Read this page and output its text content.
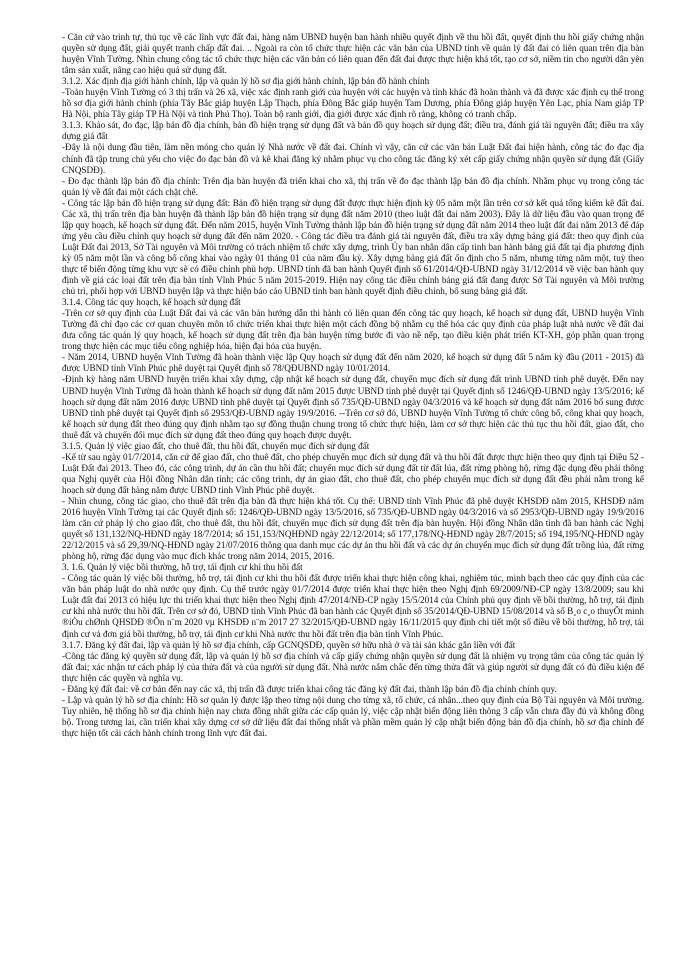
- Căn cứ vào trình tự, thủ tục về các lĩnh vực đất đai, hàng năm UBND huyện ban hành nhiều quyết định về thu hồi đất, quyết định thu hồi giấy chứng nhận quyền sử dụng đất, giải quyết tranh chấp đất đai. .. Ngoài ra còn tổ chức thực hiện các văn bản của UBND tỉnh về quản lý đất đai có liên quan trên địa bàn huyện Vĩnh Tường. Nhìn chung công tác tổ chức thực hiện các văn bản có liên quan đến đất đai được thực hiện khá tốt, tạo cơ sở, niềm tin cho người dân yên tâm sản xuất, nâng cao hiệu quả sử dụng đất.

3.1.2. Xác định địa giới hành chính, lập và quản lý hồ sơ địa giới hành chính, lập bản đồ hành chính

-Toàn huyện Vĩnh Tường có 3 thị trấn và 26 xã, việc xác định ranh giới của huyện với các huyện và tỉnh khác đã hoàn thành và đã được xác định cụ thể trong hồ sơ địa giới hành chính (phía Tây Bắc giáp huyện Lập Thạch, phía Đông Bắc giáp huyện Tam Dương, phía Đông giáp huyện Yên Lạc, phía Nam giáp TP Hà Nội, phía Tây giáp TP Hà Nội và tỉnh Phú Thọ). Toàn bộ ranh giới, địa giới được xác định rõ ràng, không có tranh chấp.

3.1.3. Khảo sát, đo đạc, lập bản đồ địa chính, bản đồ hiện trạng sử dụng đất và bản đồ quy hoạch sử dụng đất; điều tra, đánh giá tài nguyên đất; điều tra xây dựng giá đất

-Đây là nội dung đầu tiên, làm nền móng cho quản lý Nhà nước về đất đai. Chính vì vậy, căn cứ các văn bản Luật Đất đai hiện hành, công tác đo đạc địa chính đã tập trung chủ yếu cho việc đo đạc bản đồ và kê khai đăng ký nhằm phục vụ cho công tác đăng ký xét cấp giấy chứng nhận quyền sử dụng đất (Giấy CNQSDĐ).

- Đo đạc thành lập bản đồ địa chính: Trên địa bàn huyện đã triển khai cho xã, thị trấn về đo đạc thành lập bản đồ địa chính. Nhằm phục vụ trong công tác quản lý về đất đai một cách chặt chẽ.

- Công tác lập bản đồ hiện trạng sử dụng đất: Bản đồ hiện trạng sử dụng đất được thực hiện định kỳ 05 năm một lần trên cơ sở kết quả tổng kiểm kê đất đai. Các xã, thị trấn trên địa bàn huyện đã thành lập bản đồ hiện trạng sử dụng đất năm 2010 (theo luật đất đai năm 2003). Đây là dữ liệu đầu vào quan trọng để lập quy hoạch, kế hoạch sử dụng đất. Đến năm 2015, huyện Vĩnh Tường thành lập bản đồ hiện trạng sử dụng đất năm 2014 theo luật đất đai năm 2013 để đáp ứng yêu cầu điều chỉnh quy hoạch sử dụng đất đến năm 2020. - Công tác điều tra đánh giá tài nguyên đất, điều tra xây dựng bảng giá đất: theo quy định của Luật Đất đai 2013, Sở Tài nguyên và Môi trường có trách nhiệm tổ chức xây dựng, trình Ủy ban nhân dân cấp tỉnh ban hành bảng giá đất tại địa phương định kỳ 05 năm một lần và công bố công khai vào ngày 01 tháng 01 của năm đầu kỳ. Xây dựng bảng giá đất ổn định cho 5 năm, nhưng từng năm một, tuỳ theo thực tế biến động từng khu vực sẽ có điều chỉnh phù hợp. UBND tỉnh đã ban hành Quyết định số 61/2014/QĐ-UBND ngày 31/12/2014 về việc ban hành quy định về giá các loại đất trên địa bàn tỉnh Vĩnh Phúc 5 năm 2015-2019. Hiện nay công tác điều chỉnh bảng giá đất đang được Sở Tài nguyên và Môi trường chủ trì, phối hợp với UBND huyện lập và thực hiện báo cáo UBND tỉnh ban hành quyết định điều chỉnh, bổ sung bảng giá đất.

3.1.4. Công tác quy hoạch, kế hoạch sử dụng đất

-Trên cơ sở quy định của Luật Đất đai và các văn bản hướng dẫn thi hành có liên quan đến công tác quy hoạch, kế hoạch sử dụng đất, UBND huyện Vĩnh Tường đã chỉ đạo các cơ quan chuyên môn tổ chức triển khai thực hiện một cách đồng bộ nhằm cụ thể hóa các quy định của pháp luật nhà nước về đất đai đưa công tác quản lý quy hoạch, kế hoạch sử dụng đất trên địa bàn huyện từng bước đi vào nề nếp, tạo điều kiện phát triển KT-XH, góp phần quan trọng trong thực hiện các mục tiêu công nghiệp hóa, hiện đại hóa của huyện.

- Năm 2014, UBND huyện Vĩnh Tường đã hoàn thành việc lập Quy hoạch sử dụng đất đến năm 2020, kế hoạch sử dụng đất 5 năm kỳ đầu (2011 - 2015) đã được UBND tỉnh Vĩnh Phúc phê duyệt tại Quyết định số 78/QĐUBND ngày 10/01/2014.

-Định kỳ hàng năm UBND huyện triển khai xây dựng, cập nhật kế hoạch sử dụng đất, chuyển mục đích sử dụng đất trình UBND tỉnh phê duyệt. Đến nay UBND huyện Vĩnh Tường đã hoàn thành kế hoạch sử dụng đất năm 2015 được UBND tỉnh phê duyệt tại Quyết định số 1246/QĐ-UBND ngày 13/5/2016; kế hoạch sử dụng đất năm 2016 được UBND tỉnh phê duyệt tại Quyết định số 735/QĐ-UBND ngày 04/3/2016 và kế hoạch sử dụng đất năm 2016 bổ sung được UBND tỉnh phê duyệt tại Quyết định số 2953/QĐ-UBND ngày 19/9/2016. --Trên cơ sở đó, UBND huyện Vĩnh Tường tổ chức công bố, công khai quy hoạch, kế hoạch sử dụng đất theo đúng quy định nhằm tạo sự đồng thuận chung trong tổ chức thực hiện, làm cơ sở thực hiện các thủ tục thu hồi đất, giao đất, cho thuê đất và chuyển đổi mục đích sử dụng đất theo đúng quy hoạch được duyệt.

3.1.5. Quản lý việc giao đất, cho thuê đất, thu hồi đất, chuyển mục đích sử dụng đất

-Kể từ sau ngày 01/7/2014, căn cứ để giao đất, cho thuê đất, cho phép chuyển mục đích sử dụng đất và thu hồi đất được thực hiện theo quy định tại Điều 52 - Luật Đất đai 2013. Theo đó, các công trình, dự án cần thu hồi đất; chuyển mục đích sử dụng đất từ đất lúa, đất rừng phòng hộ, rừng đặc dụng đều phải thông qua Nghị quyết của Hội đồng Nhân dân tỉnh; các công trình, dự án giao đất, cho thuê đất, cho phép chuyển mục đích sử dụng đất đều phải nằm trong kế hoạch sử dụng đất hàng năm được UBND tỉnh Vĩnh Phúc phê duyệt.

- Nhìn chung, công tác giao, cho thuê đất trên địa bàn đã thực hiện khá tốt. Cụ thể: UBND tỉnh Vĩnh Phúc đã phê duyệt KHSDĐ năm 2015, KHSDĐ năm 2016 huyện Vĩnh Tường tại các Quyết định số: 1246/QĐ-UBND ngày 13/5/2016, số 735/QĐ-UBND ngày 04/3/2016 và số 2953/QĐ-UBND ngày 19/9/2016 làm căn cứ pháp lý cho giao đất, cho thuê đất, thu hồi đất, chuyển mục đích sử dụng đất trên địa bàn huyện. Hội đồng Nhân dân tỉnh đã ban hành các Nghị quyết số 131,132/NQ-HĐND ngày 18/7/2014; số 151,153/NQHĐND ngày 22/12/2014; số 177,178/NQ-HĐND ngày 28/7/2015; số 194,195/NQ-HĐND ngày 22/12/2015 và số 29,39/NQ-HĐND ngày 21/07/2016 thông qua danh mục các dự án thu hồi đất và các dự án chuyển mục đích sử dụng đất trồng lúa, đất rừng phòng hộ, rừng đặc dụng vào mục đích khác trong năm 2014, 2015, 2016.

3. 1.6. Quản lý việc bồi thường, hỗ trợ, tái định cư khi thu hồi đất

- Công tác quản lý việc bồi thường, hỗ trợ, tái định cư khi thu hồi đất được triển khai thực hiện công khai, nghiêm túc, minh bạch theo các quy định của các văn bản pháp luật do nhà nước quy định. Cụ thể trước ngày 01/7/2014 được triển khai thực hiện theo Nghị định 69/2009/NĐ-CP ngày 13/8/2009; sau khi Luật đất đai 2013 có hiệu lực thi triển khai thực hiện theo Nghị định 47/2014/NĐ-CP ngày 15/5/2014 của Chính phủ quy định về bồi thường, hỗ trợ, tái định cư khi nhà nước thu hồi đất. Trên cơ sở đó, UBND tỉnh Vĩnh Phúc đã ban hành các Quyết định số 35/2014/QĐ-UBND 15/08/2014 và số B¸o c¸o thuyÕt minh ®iÒu chØnh QHSDĐ ®Õn n¨m 2020 vµ KHSDĐ n¨m 2017 27 32/2015/QĐ-UBND ngày 16/11/2015 quy định chi tiết một số điều về bồi thường, hỗ trợ, tái định cư và đơn giá bồi thường, hỗ trợ, tái định cư khi Nhà nước thu hồi đất trên địa bàn tỉnh Vĩnh Phúc.

3.1.7. Đăng ký đất đai, lập và quản lý hồ sơ địa chính, cấp GCNQSDĐ, quyền sở hữu nhà ở và tài sản khác gắn liền với đất

-Công tác đăng ký quyền sử dụng đất, lập và quản lý hồ sơ địa chính và cấp giấy chứng nhận quyền sử dụng đất là nhiệm vụ trọng tâm của công tác quản lý đất đai; xác nhận tư cách pháp lý của thửa đất và của người sử dụng đất. Nhà nước nắm chắc đến từng thửa đất và giúp người sử dụng đất có đủ điều kiện để thực hiện các quyền và nghĩa vụ.

- Đăng ký đất đai: về cơ bản đến nay các xã, thị trấn đã được triển khai công tác đăng ký đất đai, thành lập bản đồ địa chính chính quy.

- Lập và quản lý hồ sơ địa chính: Hồ sơ quản lý được lập theo từng nội dung cho từng xã, tổ chức, cá nhân...theo quy định của Bộ Tài nguyên và Môi trường. Tuy nhiên, hệ thống hồ sơ địa chính hiện nay chưa đồng nhất giữa các cấp quản lý, việc cập nhật biến động liên thông 3 cấp vẫn chưa đầy đủ và không đồng bộ. Trong tương lai, cần triển khai xây dựng cơ sở dữ liệu đất đai thống nhất và phần mềm quản lý cập nhật biến động bản đồ địa chính, hồ sơ địa chính để thực hiện tốt cải cách hành chính trong lĩnh vực đất đai.
